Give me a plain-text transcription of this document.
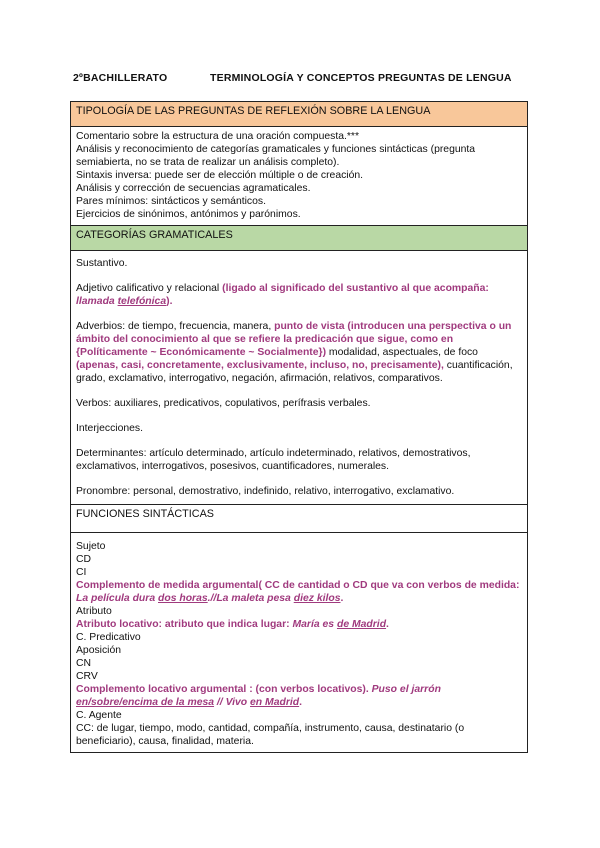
2ºBACHILLERATO	TERMINOLOGÍA Y CONCEPTOS PREGUNTAS DE LENGUA
TIPOLOGÍA DE LAS PREGUNTAS DE REFLEXIÓN SOBRE LA LENGUA

Comentario sobre la estructura de una oración compuesta.***

Análisis y reconocimiento de categorías gramaticales y funciones sintácticas (pregunta semiabierta, no se trata de realizar un análisis completo).

Sintaxis inversa: puede ser de elección múltiple o de creación.

Análisis y corrección de secuencias agramaticales.

Pares mínimos: sintácticos y semánticos.

Ejercicios de sinónimos, antónimos y parónimos.

CATEGORÍAS GRAMATICALES

Sustantivo.

Adjetivo calificativo y relacional (ligado al significado del sustantivo al que acompaña: llamada telefónica).

Adverbios: de tiempo, frecuencia, manera, punto de vista (introducen una perspectiva o un ámbito del conocimiento al que se refiere la predicación que sigue, como en {Políticamente ~ Económicamente ~ Socialmente}) modalidad, aspectuales, de foco (apenas, casi, concretamente, exclusivamente, incluso, no, precisamente), cuantificación, grado, exclamativo, interrogativo, negación, afirmación, relativos, comparativos.

Verbos: auxiliares, predicativos, copulativos, perífrasis verbales.

Interjecciones.

Determinantes: artículo determinado, artículo indeterminado, relativos, demostrativos, exclamativos, interrogativos, posesivos, cuantificadores, numerales.

Pronombre: personal, demostrativo, indefinido, relativo, interrogativo, exclamativo.

FUNCIONES SINTÁCTICAS

Sujeto

CD

CI

Complemento de medida argumental( CC de cantidad o CD que va con verbos de medida: La película dura dos horas.//La maleta pesa diez kilos.

Atributo

Atributo locativo: atributo que indica lugar: María es de Madrid.

C. Predicativo

Aposición

CN

CRV

Complemento locativo argumental : (con verbos locativos). Puso el jarrón en/sobre/encima de la mesa // Vivo en Madrid.

C. Agente

CC: de lugar, tiempo, modo, cantidad, compañía, instrumento, causa, destinatario (o beneficiario), causa, finalidad, materia.
